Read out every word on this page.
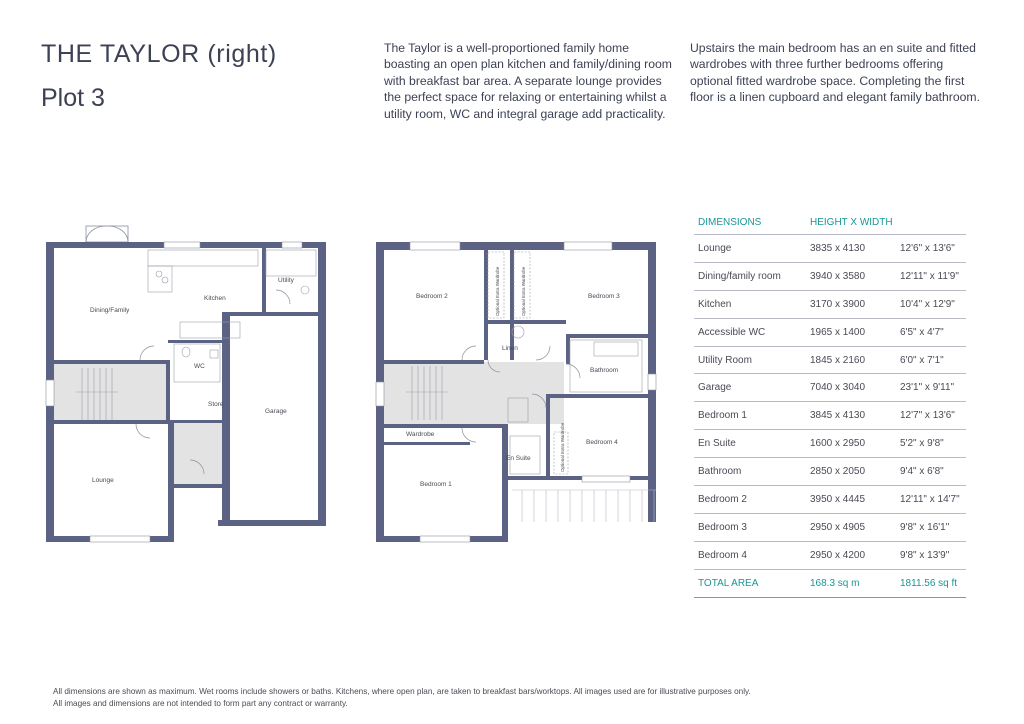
THE TAYLOR (right)
Plot 3

The Taylor is a well-proportioned family home boasting an open plan kitchen and family/dining room with breakfast bar area. A separate lounge provides the perfect space for relaxing or entertaining whilst a utility room, WC and integral garage add practicality.

Upstairs the main bedroom has an en suite and fitted wardrobes with three further bedrooms offering optional fitted wardrobe space. Completing the first floor is a linen cupboard and elegant family bathroom.

Dining/Family
Kitchen
Utility
WC
Store
Garage
Lounge
Bedroom 2	Bedroom 3
Linen
Bathroom
Wardrobe
En Suite
Bedroom 4
Bedroom 1
Optional Extra Wardrobe	Optional Extra Wardrobe
Optional Extra Wardrobe
DIMENSIONS	HEIGHT X WIDTH	
Lounge	3835 x 4130	12'6" x 13'6"
Dining/family room	3940 x 3580	12'11" x 11'9"
Kitchen	3170 x 3900	10'4" x 12'9"
Accessible WC	1965 x 1400	6'5" x 4'7"
Utility Room	1845 x 2160	6'0" x 7'1"
Garage	7040 x 3040	23'1" x 9'11"
Bedroom 1	3845 x 4130	12'7" x 13'6"
En Suite	1600 x 2950	5'2" x 9'8"
Bathroom	2850 x 2050	9'4" x 6'8"
Bedroom 2	3950 x 4445	12'11" x 14'7"
Bedroom 3	2950 x 4905	9'8" x 16'1"
Bedroom 4	2950 x 4200	9'8" x 13'9"
TOTAL AREA	168.3 sq m	1811.56 sq ft
All dimensions are shown as maximum. Wet rooms include showers or baths. Kitchens, where open plan, are taken to breakfast bars/worktops. All images used are for illustrative purposes only.
All images and dimensions are not intended to form part any contract or warranty.
